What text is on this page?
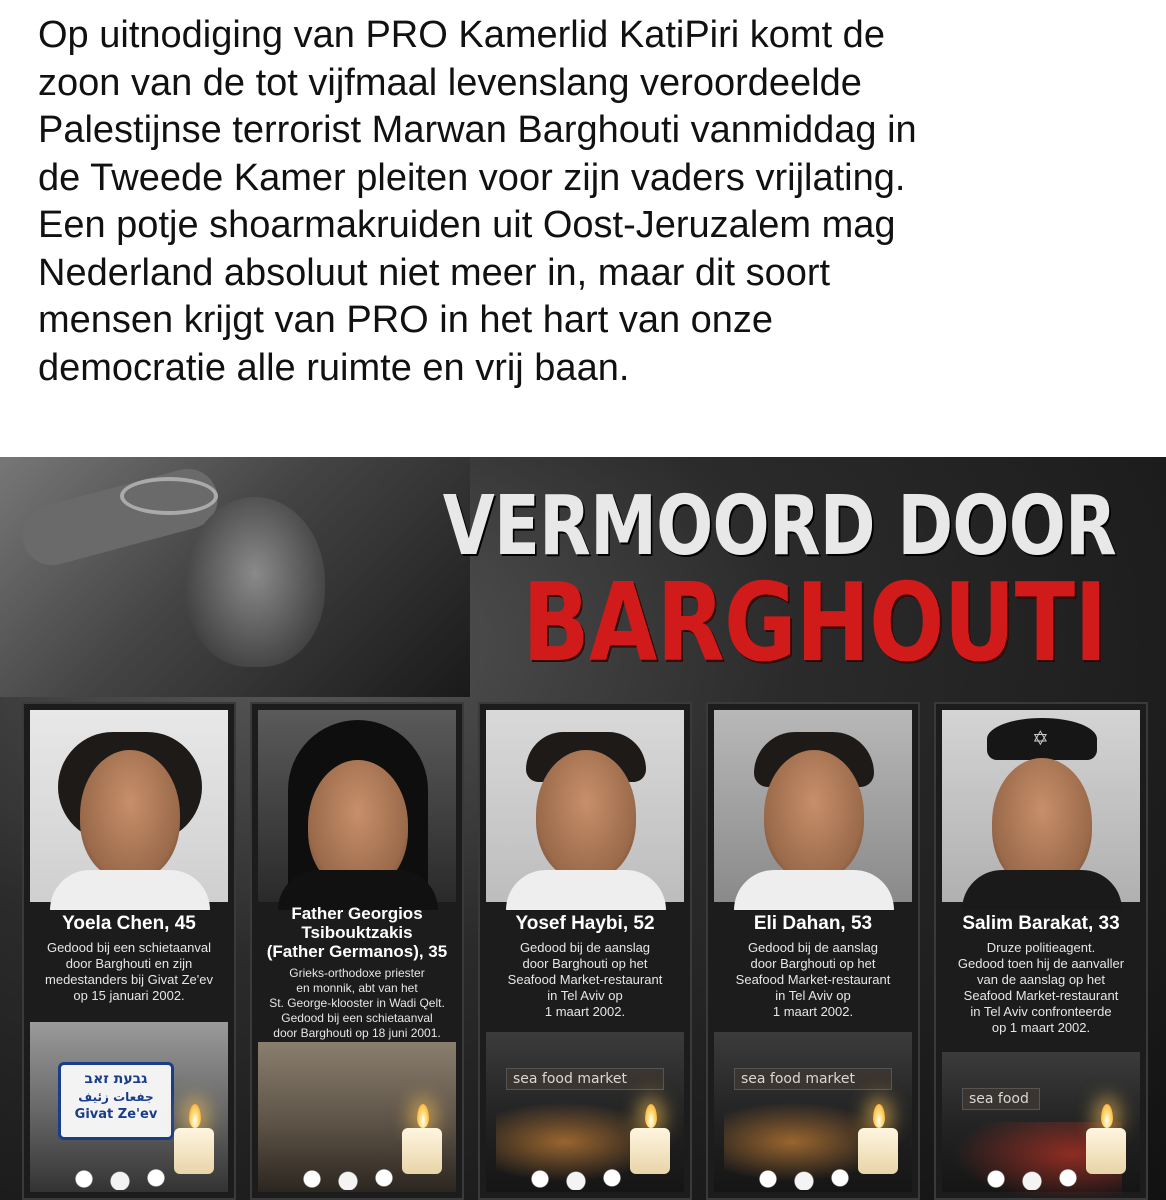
Op uitnodiging van PRO Kamerlid KatiPiri komt de
zoon van de tot vijfmaal levenslang veroordeelde
Palestijnse terrorist Marwan Barghouti vanmiddag in
de Tweede Kamer pleiten voor zijn vaders vrijlating.
Een potje shoarmakruiden uit Oost-Jeruzalem mag
Nederland absoluut niet meer in, maar dit soort
mensen krijgt van PRO in het hart van onze
democratie alle ruimte en vrij baan.
VERMOORD DOOR
BARGHOUTI
Yoela Chen, 45
Gedood bij een schietaanval
door Barghouti en zijn
medestanders bij Givat Ze'ev
op 15 januari 2002.
גבעת זאב
ﺟﻔﻌﺎﺕ ﺯﺋﻴﻒ
Givat Ze'ev
Father Georgios
Tsibouktzakis
(Father Germanos), 35
Grieks-orthodoxe priester
en monnik, abt van het
St. George-klooster in Wadi Qelt.
Gedood bij een schietaanval
door Barghouti op 18 juni 2001.
Yosef Haybi, 52
Gedood bij de aanslag
door Barghouti op het
Seafood Market-restaurant
in Tel Aviv op
1 maart 2002.
sea food market
Eli Dahan, 53
Gedood bij de aanslag
door Barghouti op het
Seafood Market-restaurant
in Tel Aviv op
1 maart 2002.
sea food market
✡
Salim Barakat, 33
Druze politieagent.
Gedood toen hij de aanvaller
van de aanslag op het
Seafood Market-restaurant
in Tel Aviv confronteerde
op 1 maart 2002.
sea food
